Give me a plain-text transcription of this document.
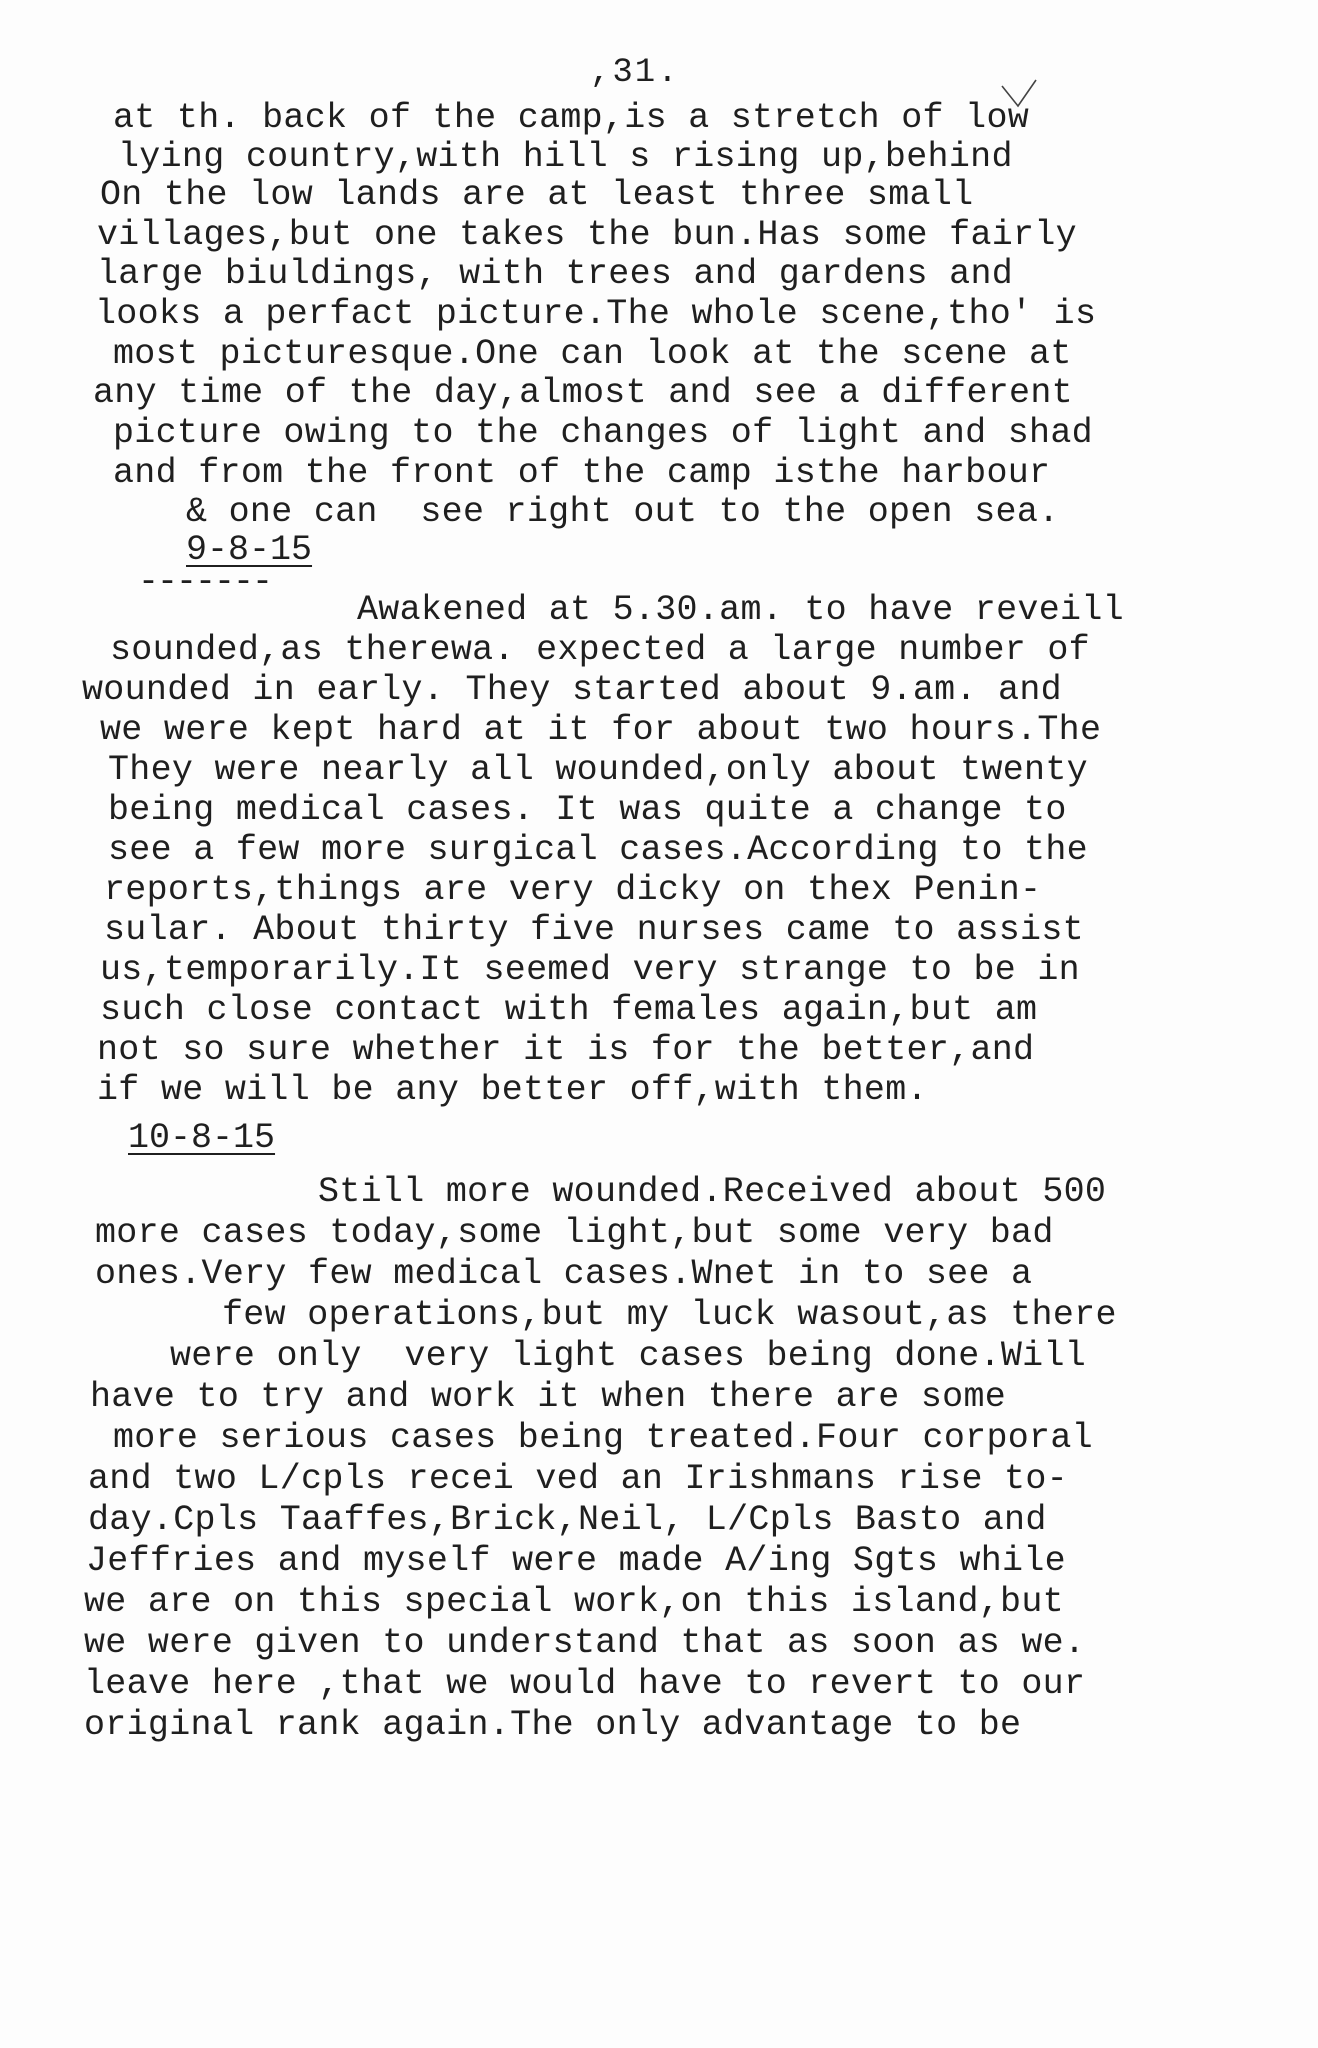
,31.
at th. back of the camp,is a stretch of low
lying country,with hill s rising up,behind
On the low lands are at least three small
villages,but one takes the bun.Has some fairly
large biuldings, with trees and gardens and
looks a perfact picture.The whole scene,tho' is
most picturesque.One can look at the scene at
any time of the day,almost and see a different
picture owing to the changes of light and shad
and from the front of the camp isthe harbour
& one can  see right out to the open sea.
9-8-15
-------
Awakened at 5.30.am. to have reveill
sounded,as therewa. expected a large number of
wounded in early. They started about 9.am. and
we were kept hard at it for about two hours.The
They were nearly all wounded,only about twenty
being medical cases. It was quite a change to
see a few more surgical cases.According to the
reports,things are very dicky on thex Penin-
sular. About thirty five nurses came to assist
us,temporarily.It seemed very strange to be in
such close contact with females again,but am
not so sure whether it is for the better,and
if we will be any better off,with them.
10-8-15
Still more wounded.Received about 500
more cases today,some light,but some very bad
ones.Very few medical cases.Wnet in to see a
few operations,but my luck wasout,as there
were only  very light cases being done.Will
have to try and work it when there are some
more serious cases being treated.Four corporal
and two L/cpls recei ved an Irishmans rise to-
day.Cpls Taaffes,Brick,Neil, L/Cpls Basto and
Jeffries and myself were made A/ing Sgts while
we are on this special work,on this island,but
we were given to understand that as soon as we.
leave here ,that we would have to revert to our
original rank again.The only advantage to be
